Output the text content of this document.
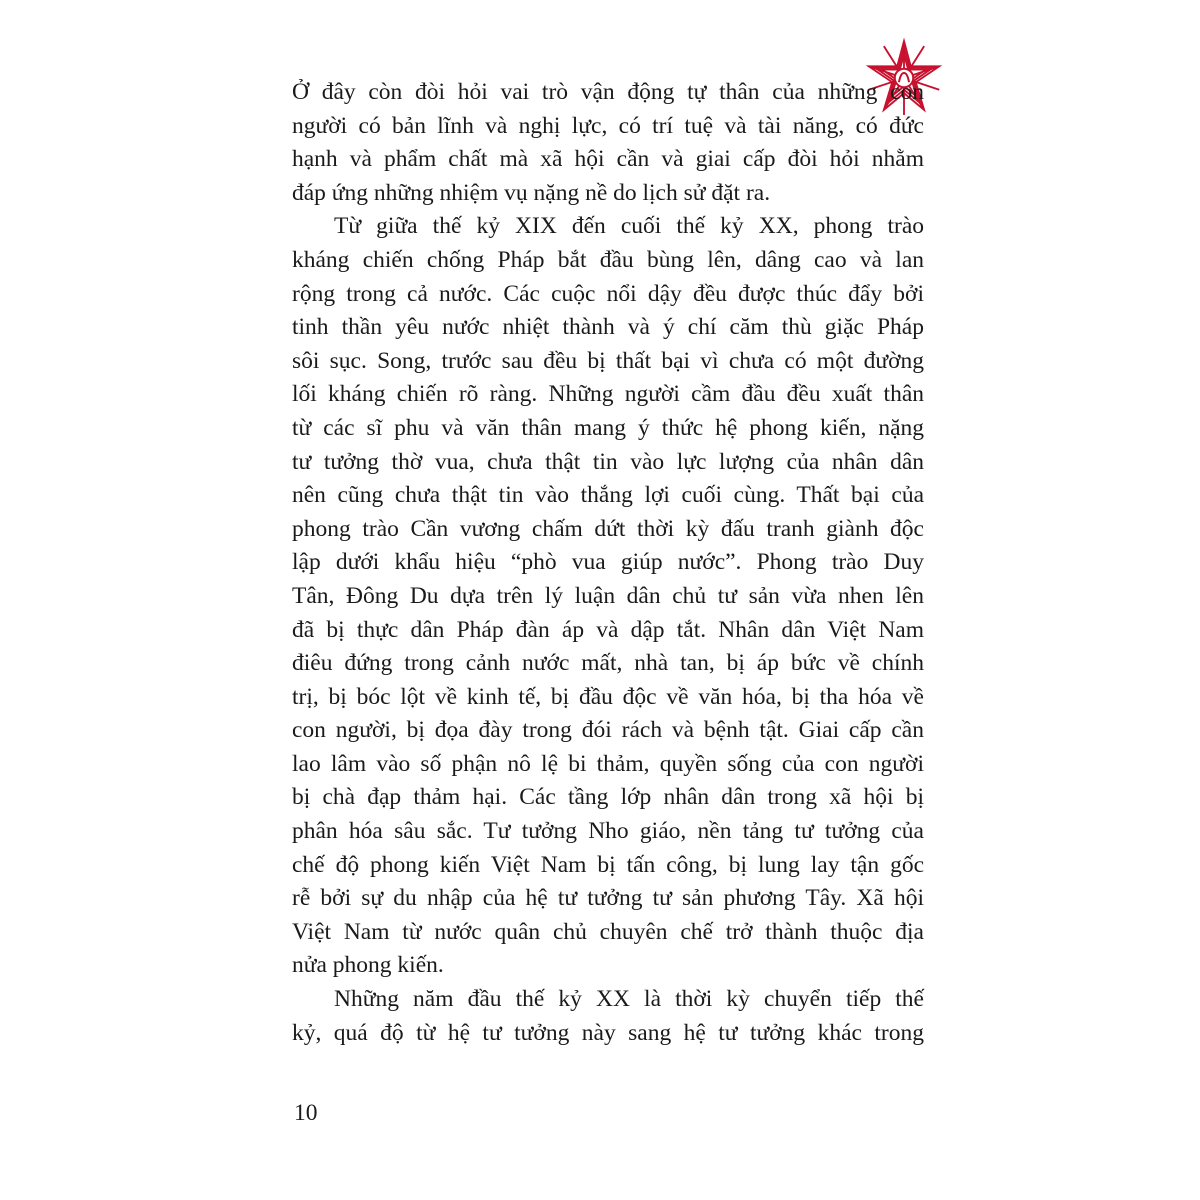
Ở đây còn đòi hỏi vai trò vận động tự thân của những con
người có bản lĩnh và nghị lực, có trí tuệ và tài năng, có đức
hạnh và phẩm chất mà xã hội cần và giai cấp đòi hỏi nhằm
đáp ứng những nhiệm vụ nặng nề do lịch sử đặt ra.
Từ giữa thế kỷ XIX đến cuối thế kỷ XX, phong trào
kháng chiến chống Pháp bắt đầu bùng lên, dâng cao và lan
rộng trong cả nước. Các cuộc nổi dậy đều được thúc đẩy bởi
tinh thần yêu nước nhiệt thành và ý chí căm thù giặc Pháp
sôi sục. Song, trước sau đều bị thất bại vì chưa có một đường
lối kháng chiến rõ ràng. Những người cầm đầu đều xuất thân
từ các sĩ phu và văn thân mang ý thức hệ phong kiến, nặng
tư tưởng thờ vua, chưa thật tin vào lực lượng của nhân dân
nên cũng chưa thật tin vào thắng lợi cuối cùng. Thất bại của
phong trào Cần vương chấm dứt thời kỳ đấu tranh giành độc
lập dưới khẩu hiệu “phò vua giúp nước”. Phong trào Duy
Tân, Đông Du dựa trên lý luận dân chủ tư sản vừa nhen lên
đã bị thực dân Pháp đàn áp và dập tắt. Nhân dân Việt Nam
điêu đứng trong cảnh nước mất, nhà tan, bị áp bức về chính
trị, bị bóc lột về kinh tế, bị đầu độc về văn hóa, bị tha hóa về
con người, bị đọa đày trong đói rách và bệnh tật. Giai cấp cần
lao lâm vào số phận nô lệ bi thảm, quyền sống của con người
bị chà đạp thảm hại. Các tầng lớp nhân dân trong xã hội bị
phân hóa sâu sắc. Tư tưởng Nho giáo, nền tảng tư tưởng của
chế độ phong kiến Việt Nam bị tấn công, bị lung lay tận gốc
rễ bởi sự du nhập của hệ tư tưởng tư sản phương Tây. Xã hội
Việt Nam từ nước quân chủ chuyên chế trở thành thuộc địa
nửa phong kiến.
Những năm đầu thế kỷ XX là thời kỳ chuyển tiếp thế
kỷ, quá độ từ hệ tư tưởng này sang hệ tư tưởng khác trong
10
